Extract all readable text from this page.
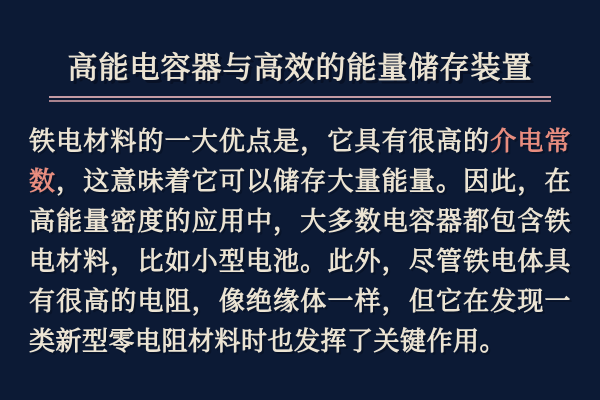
高能电容器与高效的能量储存装置
铁电材料的一大优点是，它具有很高的介电常
数，这意味着它可以储存大量能量。因此，在
高能量密度的应用中，大多数电容器都包含铁
电材料，比如小型电池。此外，尽管铁电体具
有很高的电阻，像绝缘体一样，但它在发现一
类新型零电阻材料时也发挥了关键作用。
